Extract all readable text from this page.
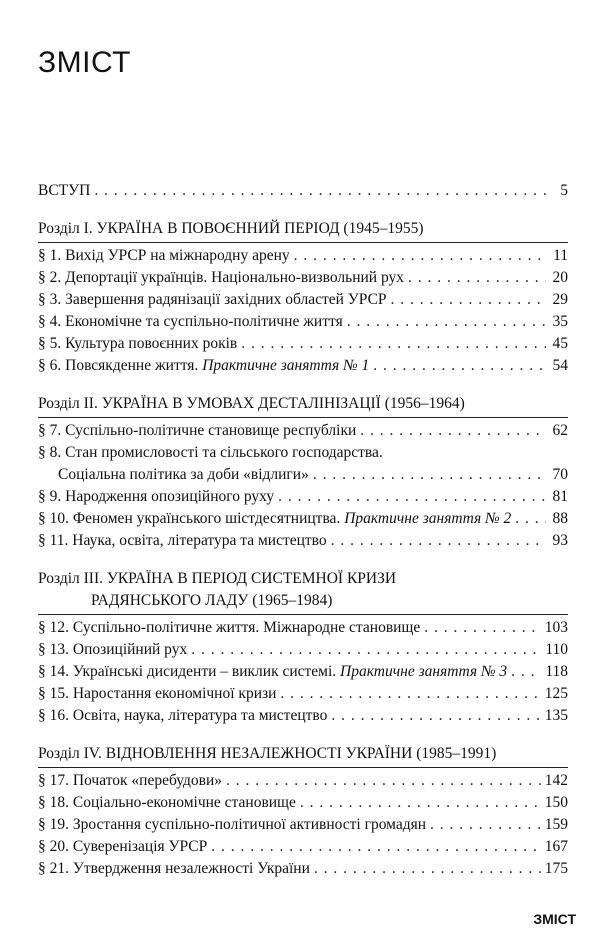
ЗМІСТ
ВСТУП . . .	5
Розділ І. УКРАЇНА В ПОВОЄННИЙ ПЕРІОД (1945–1955)
§ 1. Вихід УРСР на міжнародну арену . . .	11
§ 2. Депортації українців. Національно-визвольний рух . . .	20
§ 3. Завершення радянізації західних областей УРСР . . .	29
§ 4. Економічне та суспільно-політичне життя . . .	35
§ 5. Культура повоєнних років . . .	45
§ 6. Повсякденне життя. Практичне заняття № 1 . . .	54
Розділ ІІ. УКРАЇНА В УМОВАХ ДЕСТАЛІНІЗАЦІЇ (1956–1964)
§ 7. Суспільно-політичне становище республіки . . .	62
§ 8. Стан промисловості та сільського господарства.
Соціальна політика за доби «відлиги» . . .	70
§ 9. Народження опозиційного руху . . .	81
§ 10. Феномен українського шістдесятництва. Практичне заняття № 2 . . .	88
§ 11. Наука, освіта, література та мистецтво . . .	93
Розділ ІІІ. УКРАЇНА В ПЕРІОД СИСТЕМНОЇ КРИЗИ
РАДЯНСЬКОГО ЛАДУ (1965–1984)
§ 12. Суспільно-політичне життя. Міжнародне становище . . .	103
§ 13. Опозиційний рух . . .	110
§ 14. Українські дисиденти – виклик системі. Практичне заняття № 3 . . . 118
§ 15. Наростання економічної кризи . . .	125
§ 16. Освіта, наука, література та мистецтво . . .	135
Розділ IV. ВІДНОВЛЕННЯ НЕЗАЛЕЖНОСТІ УКРАЇНИ (1985–1991)
§ 17. Початок «перебудови» . . .	142
§ 18. Соціально-економічне становище . . .	150
§ 19. Зростання суспільно-політичної активності громадян . . .	159
§ 20. Суверенізація УРСР . . .	167
§ 21. Утвердження незалежності України . . .	175
ЗМІСТ
